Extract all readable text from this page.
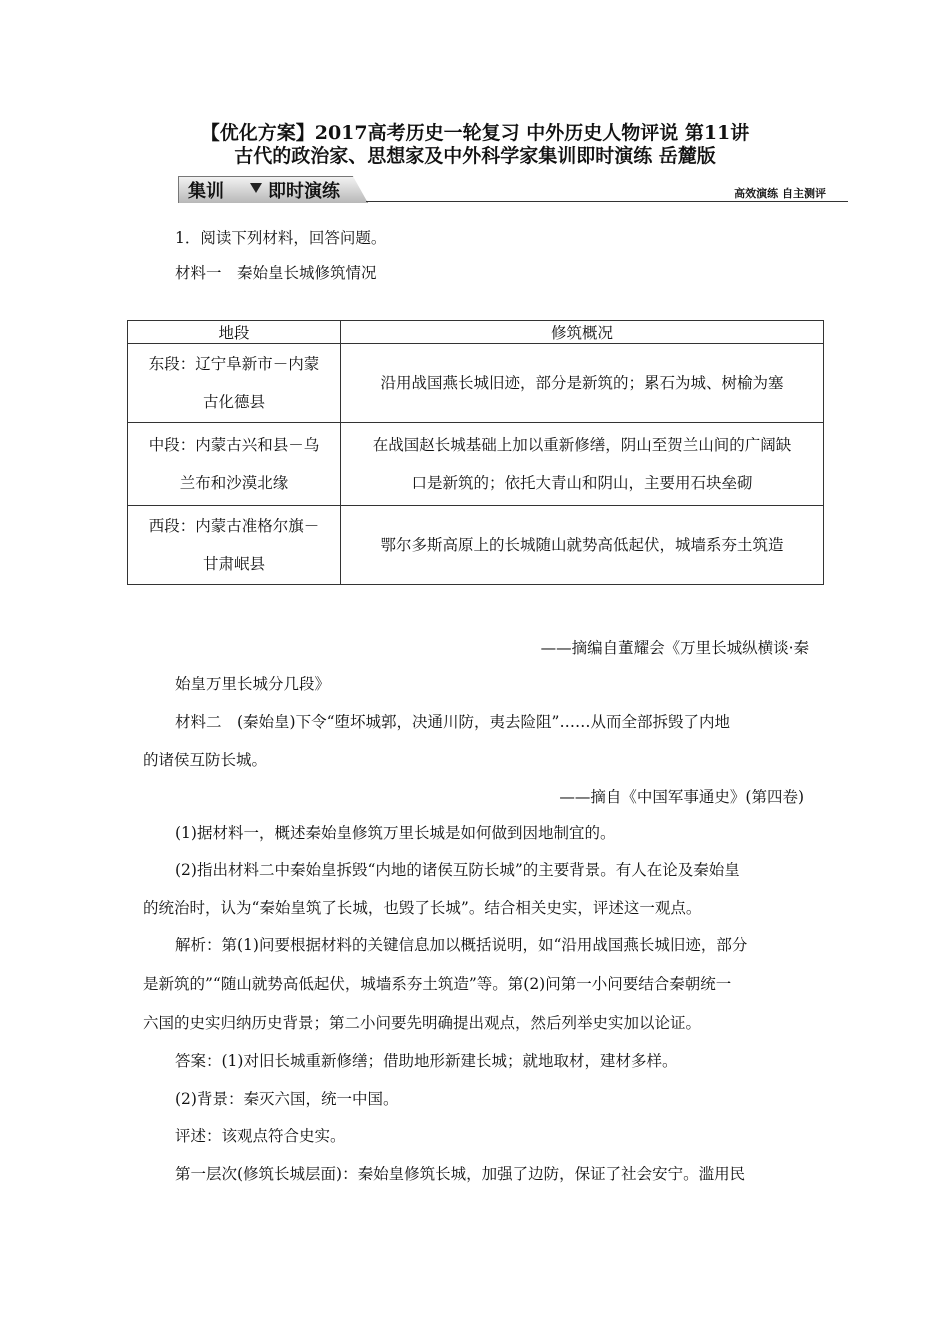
【优化方案】2017高考历史一轮复习 中外历史人物评说 第11讲
古代的政治家、思想家及中外科学家集训即时演练 岳麓版
集训 即时演练	高效演练 自主测评
1．阅读下列材料，回答问题。
材料一　秦始皇长城修筑情况
地段	修筑概况

东段：辽宁阜新市－内蒙
古化德县	沿用战国燕长城旧迹，部分是新筑的；累石为城、树榆为塞

中段：内蒙古兴和县－乌
兰布和沙漠北缘	在战国赵长城基础上加以重新修缮，阴山至贺兰山间的广阔缺
口是新筑的；依托大青山和阴山，主要用石块垒砌

西段：内蒙古准格尔旗－
甘肃岷县	鄂尔多斯高原上的长城随山就势高低起伏，城墙系夯土筑造
——摘编自董耀会《万里长城纵横谈·秦
始皇万里长城分几段》
材料二　(秦始皇)下令“堕坏城郭，决通川防，夷去险阻”……从而全部拆毁了内地
的诸侯互防长城。
——摘自《中国军事通史》(第四卷)
(1)据材料一，概述秦始皇修筑万里长城是如何做到因地制宜的。
(2)指出材料二中秦始皇拆毁“内地的诸侯互防长城”的主要背景。有人在论及秦始皇
的统治时，认为“秦始皇筑了长城，也毁了长城”。结合相关史实，评述这一观点。
解析：第(1)问要根据材料的关键信息加以概括说明，如“沿用战国燕长城旧迹，部分
是新筑的”“随山就势高低起伏，城墙系夯土筑造”等。第(2)问第一小问要结合秦朝统一
六国的史实归纳历史背景；第二小问要先明确提出观点，然后列举史实加以论证。
答案：(1)对旧长城重新修缮；借助地形新建长城；就地取材，建材多样。
(2)背景：秦灭六国，统一中国。
评述：该观点符合史实。
第一层次(修筑长城层面)：秦始皇修筑长城，加强了边防，保证了社会安宁。滥用民
